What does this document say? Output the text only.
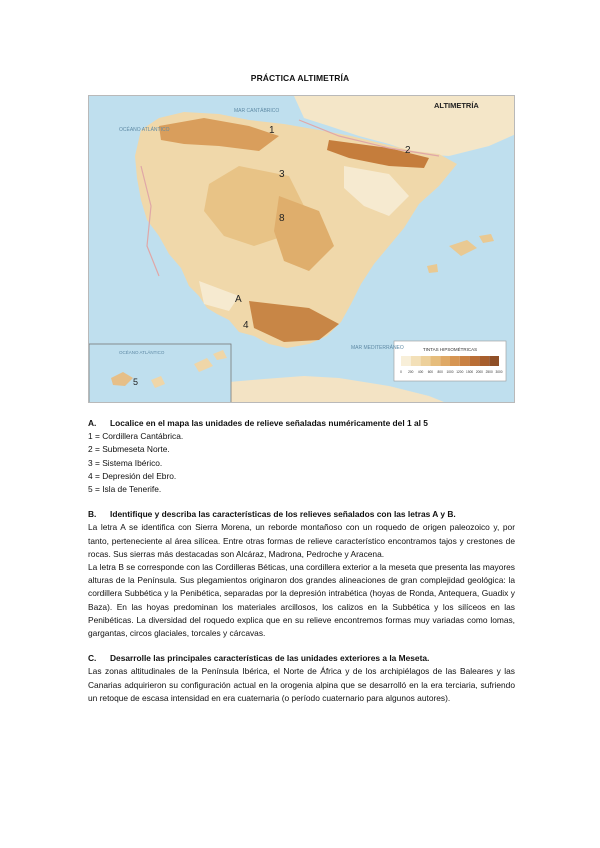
PRÁCTICA ALTIMETRÍA
TINTAS HIPSOMÉTRICAS
0 200 400 600 800 1000 1200 1500 2000 2500 3000
ALTIMETRÍA
OCÉANO ATLÁNTICO
MAR CANTÁBRICO
MAR MEDITERRÁNEO
OCÉANO ATLÁNTICO
1
2
3
8
A
4
5
A. Localice en el mapa las unidades de relieve señaladas numéricamente del 1 al 5
1 = Cordillera Cantábrica.
2 = Submeseta Norte.
3 = Sistema Ibérico.
4 = Depresión del Ebro.
5 = Isla de Tenerife.
B. Identifique y describa las características de los relieves señalados con las letras A y B.

La letra A se identifica con Sierra Morena, un reborde montañoso con un roquedo de origen paleozoico y, por tanto, perteneciente al área silícea. Entre otras formas de relieve característico encontramos tajos y crestones de rocas. Sus sierras más destacadas son Alcáraz, Madrona, Pedroche y Aracena.

La letra B se corresponde con las Cordilleras Béticas, una cordillera exterior a la meseta que presenta las mayores alturas de la Península. Sus plegamientos originaron dos grandes alineaciones de gran complejidad geológica: la cordillera Subbética y la Penibética, separadas por la depresión intrabética (hoyas de Ronda, Antequera, Guadix y Baza). En las hoyas predominan los materiales arcillosos, los calizos en la Subbética y los silíceos en las Penibéticas. La diversidad del roquedo explica que en su relieve encontremos formas muy variadas como lomas, gargantas, circos glaciales, torcales y cárcavas.

C. Desarrolle las principales características de las unidades exteriores a la Meseta.

Las zonas altitudinales de la Península Ibérica, el Norte de África y de los archipiélagos de las Baleares y las Canarias adquirieron su configuración actual en la orogenia alpina que se desarrolló en la era terciaria, sufriendo un retoque de escasa intensidad en era cuaternaria (o período cuaternario para algunos autores).
